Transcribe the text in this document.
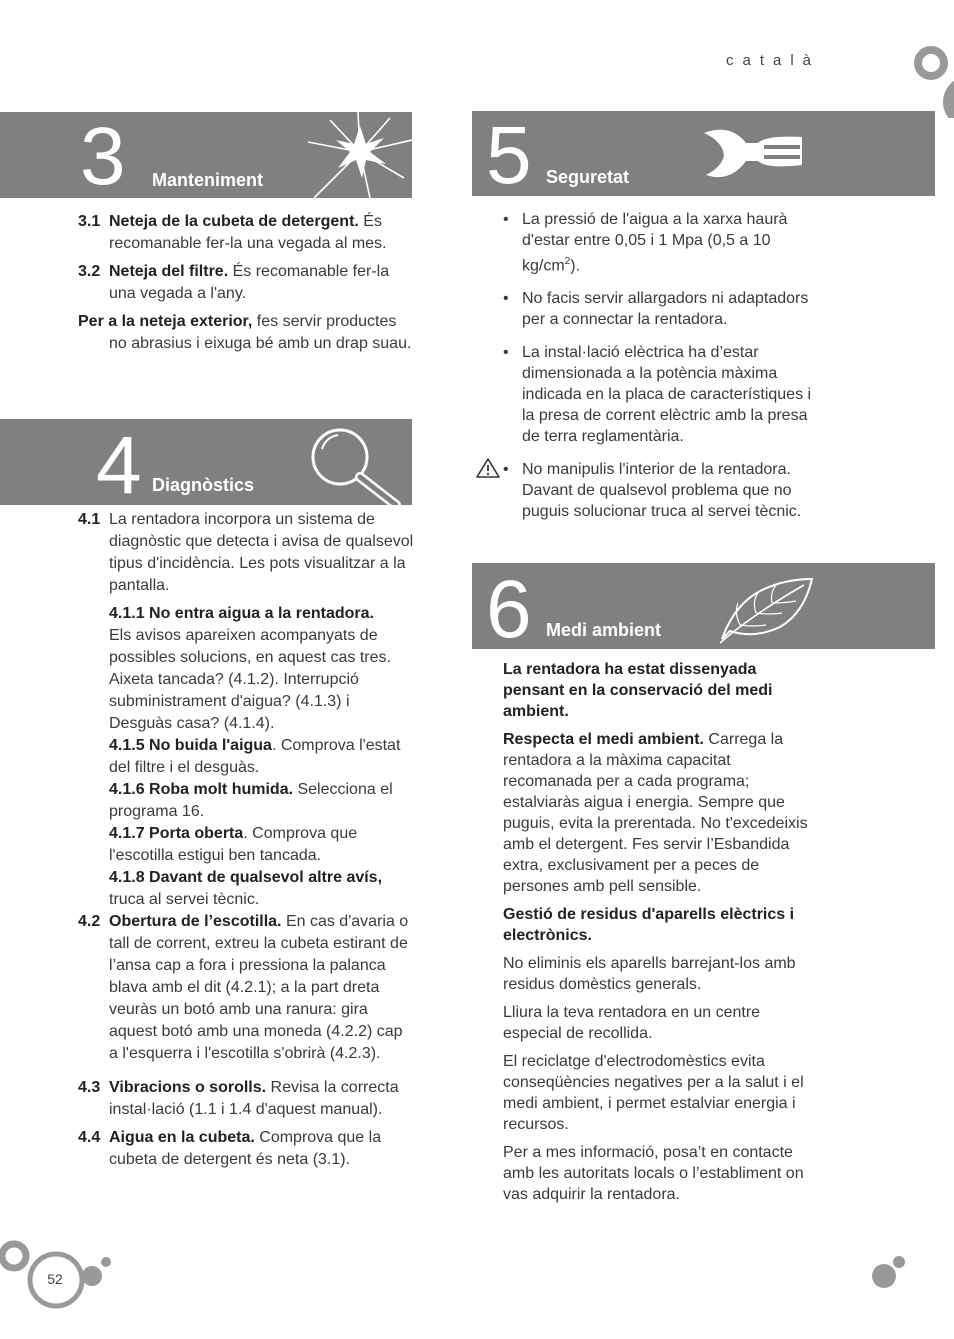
català
3 Manteniment
3.1 Neteja de la cubeta de detergent. És recomanable fer-la una vegada al mes.
3.2 Neteja del filtre. És recomanable fer-la una vegada a l'any.

Per a la neteja exterior, fes servir productes no abrasius i eixuga bé amb un drap suau.

4 Diagnòstics
4.1 La rentadora incorpora un sistema de diagnòstic que detecta i avisa de qualsevol tipus d'incidència. Les pots visualitzar a la pantalla.

4.1.1 No entra aigua a la rentadora.
Els avisos apareixen acompanyats de possibles solucions, en aquest cas tres. Aixeta tancada? (4.1.2). Interrupció subministrament d'aigua? (4.1.3) i Desguàs casa? (4.1.4).

4.1.5 No buida l'aigua. Comprova l'estat del filtre i el desguàs.

4.1.6 Roba molt humida. Selecciona el programa 16.

4.1.7 Porta oberta. Comprova que l'escotilla estigui ben tancada.

4.1.8 Davant de qualsevol altre avís,
truca al servei tècnic.

4.2 Obertura de l’escotilla. En cas d'avaria o tall de corrent, extreu la cubeta estirant de l’ansa cap a fora i pressiona la palanca blava amb el dit (4.2.1); a la part dreta veuràs un botó amb una ranura: gira aquest botó amb una moneda (4.2.2) cap a l'esquerra i l'escotilla s'obrirà (4.2.3).
4.3 Vibracions o sorolls. Revisa la correcta instal·lació (1.1 i 1.4 d'aquest manual).
4.4 Aigua en la cubeta. Comprova que la cubeta de detergent és neta (3.1).
5 Seguretat
• La pressió de l'aigua a la xarxa haurà d'estar entre 0,05 i 1 Mpa (0,5 a 10 $kg/cm^2$).
• No facis servir allargadors ni adaptadors per a connectar la rentadora.
• La instal·lació elèctrica ha d’estar dimensionada a la potència màxima indicada en la placa de característiques i la presa de corrent elèctric amb la presa de terra reglamentària.
• No manipulis l'interior de la rentadora. Davant de qualsevol problema que no puguis solucionar truca al servei tècnic.
6 Medi ambient

La rentadora ha estat dissenyada pensant en la conservació del medi ambient.

Respecta el medi ambient. Carrega la rentadora a la màxima capacitat recomanada per a cada programa; estalviaràs aigua i energia. Sempre que puguis, evita la prerentada. No t'excedeixis amb el detergent. Fes servir l’Esbandida extra, exclusivament per a peces de persones amb pell sensible.

Gestió de residus d'aparells elèctrics i electrònics.

No eliminis els aparells barrejant-los amb residus domèstics generals.

Lliura la teva rentadora en un centre especial de recollida.

El reciclatge d'electrodomèstics evita conseqüències negatives per a la salut i el medi ambient, i permet estalviar energia i recursos.

Per a mes informació, posa’t en contacte amb les autoritats locals o l’establiment on vas adquirir la rentadora.

52
